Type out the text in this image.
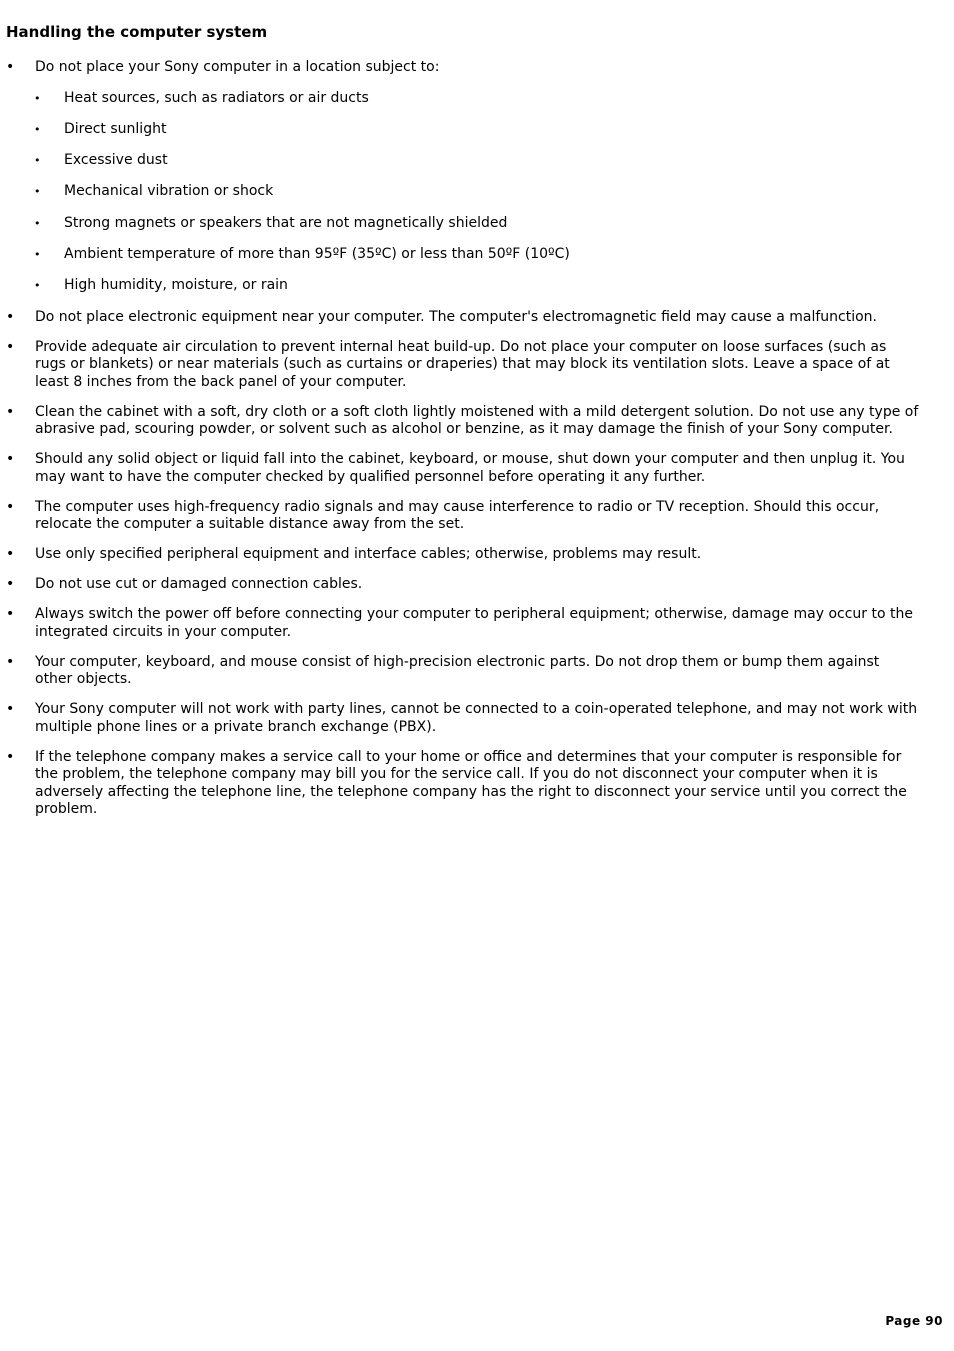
Handling the computer system
• Do not place your Sony computer in a location subject to:
• Heat sources, such as radiators or air ducts
• Direct sunlight
• Excessive dust
• Mechanical vibration or shock
• Strong magnets or speakers that are not magnetically shielded
• Ambient temperature of more than 95ºF (35ºC) or less than 50ºF (10ºC)
• High humidity, moisture, or rain
• Do not place electronic equipment near your computer. The computer's electromagnetic field may cause a malfunction.
• Provide adequate air circulation to prevent internal heat build-up. Do not place your computer on loose surfaces (such as rugs or blankets) or near materials (such as curtains or draperies) that may block its ventilation slots. Leave a space of at least 8 inches from the back panel of your computer.
• Clean the cabinet with a soft, dry cloth or a soft cloth lightly moistened with a mild detergent solution. Do not use any type of abrasive pad, scouring powder, or solvent such as alcohol or benzine, as it may damage the finish of your Sony computer.
• Should any solid object or liquid fall into the cabinet, keyboard, or mouse, shut down your computer and then unplug it. You may want to have the computer checked by qualified personnel before operating it any further.
• The computer uses high-frequency radio signals and may cause interference to radio or TV reception. Should this occur, relocate the computer a suitable distance away from the set.
• Use only specified peripheral equipment and interface cables; otherwise, problems may result.
• Do not use cut or damaged connection cables.
• Always switch the power off before connecting your computer to peripheral equipment; otherwise, damage may occur to the integrated circuits in your computer.
• Your computer, keyboard, and mouse consist of high-precision electronic parts. Do not drop them or bump them against other objects.
• Your Sony computer will not work with party lines, cannot be connected to a coin-operated telephone, and may not work with multiple phone lines or a private branch exchange (PBX).
• If the telephone company makes a service call to your home or office and determines that your computer is responsible for the problem, the telephone company may bill you for the service call. If you do not disconnect your computer when it is adversely affecting the telephone line, the telephone company has the right to disconnect your service until you correct the problem.
Page 90
